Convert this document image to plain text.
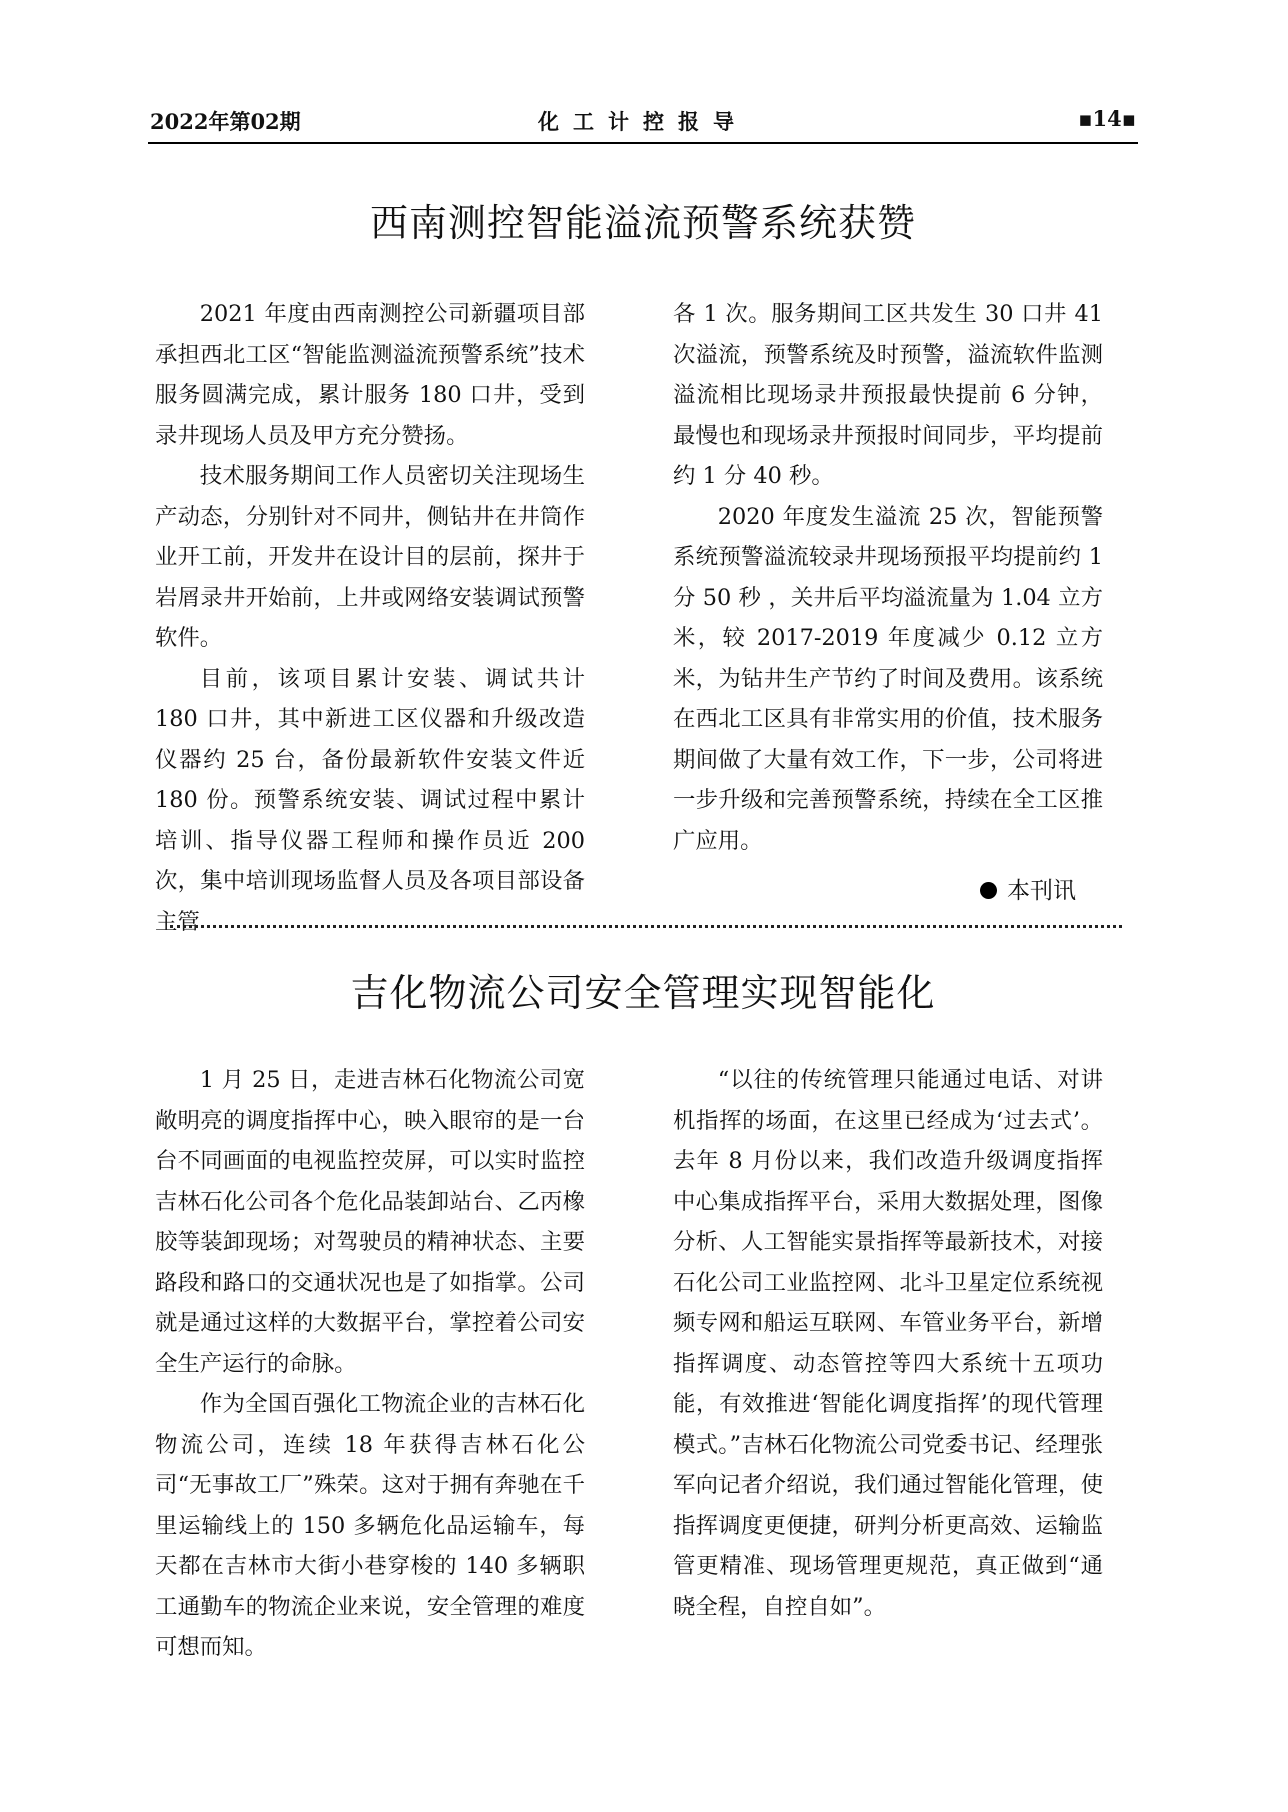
2022年第02期	化工计控报导	▪14▪
西南测控智能溢流预警系统获赞

2021 年度由西南测控公司新疆项目部承担西北工区“智能监测溢流预警系统”技术服务圆满完成，累计服务 180 口井，受到录井现场人员及甲方充分赞扬。

技术服务期间工作人员密切关注现场生产动态，分别针对不同井，侧钻井在井筒作业开工前，开发井在设计目的层前，探井于岩屑录井开始前，上井或网络安装调试预警软件。

目前，该项目累计安装、调试共计 180 口井，其中新进工区仪器和升级改造仪器约 25 台，备份最新软件安装文件近 180 份。预警系统安装、调试过程中累计培训、指导仪器工程师和操作员近 200 次，集中培训现场监督人员及各项目部设备主管

各 1 次。服务期间工区共发生 30 口井 41 次溢流，预警系统及时预警，溢流软件监测溢流相比现场录井预报最快提前 6 分钟，最慢也和现场录井预报时间同步，平均提前约 1 分 40 秒。

2020 年度发生溢流 25 次，智能预警系统预警溢流较录井现场预报平均提前约 1 分 50 秒 ，关井后平均溢流量为 1.04 立方米，较 2017-2019 年度减少 0.12 立方米，为钻井生产节约了时间及费用。该系统在西北工区具有非常实用的价值，技术服务期间做了大量有效工作，下一步，公司将进一步升级和完善预警系统，持续在全工区推广应用。

本刊讯
吉化物流公司安全管理实现智能化

1 月 25 日，走进吉林石化物流公司宽敞明亮的调度指挥中心，映入眼帘的是一台台不同画面的电视监控荧屏，可以实时监控吉林石化公司各个危化品装卸站台、乙丙橡胶等装卸现场；对驾驶员的精神状态、主要路段和路口的交通状况也是了如指掌。公司就是通过这样的大数据平台，掌控着公司安全生产运行的命脉。

作为全国百强化工物流企业的吉林石化物流公司，连续 18 年获得吉林石化公司“无事故工厂”殊荣。这对于拥有奔驰在千里运输线上的 150 多辆危化品运输车，每天都在吉林市大街小巷穿梭的 140 多辆职工通勤车的物流企业来说，安全管理的难度可想而知。

“以往的传统管理只能通过电话、对讲机指挥的场面，在这里已经成为‘过去式’。去年 8 月份以来，我们改造升级调度指挥中心集成指挥平台，采用大数据处理，图像分析、人工智能实景指挥等最新技术，对接石化公司工业监控网、北斗卫星定位系统视频专网和船运互联网、车管业务平台，新增指挥调度、动态管控等四大系统十五项功能，有效推进‘智能化调度指挥’的现代管理模式。”吉林石化物流公司党委书记、经理张军向记者介绍说，我们通过智能化管理，使指挥调度更便捷，研判分析更高效、运输监管更精准、现场管理更规范，真正做到“通晓全程，自控自如”。
